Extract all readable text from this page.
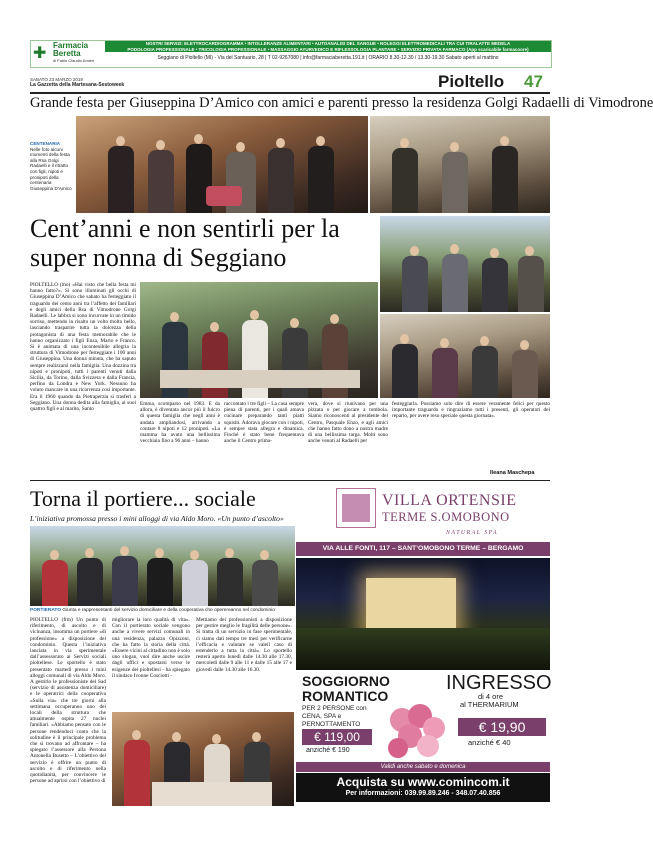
✚ Farmacia
Beretta
di Fabio Claudio Amieri
NOSTRI SERVIZI: ELETTROCARDIOGRAMMA • INTOLLERANZE ALIMENTARI • AUTOANALISI DEL SANGUE • NOLEGGI ELETTROMEDICALI TRA CUI TIRALATTE MEDELA
PODOLOGIA PROFESSIONALE • TRICOLOGIA PROFESSIONALE • MASSAGGIO AYURVEDICO E RIFLESSOLOGIA PLANTARE • SERVIZIO PRIVATA FARMACO (App scaricabile farmacoore)
Seggiano di Pioltello (MI) - Via del Santuario, 28 | T 02-9267080 | info@farmaciaberetta.191.it | ORARIO 8.30-12.30 / 13.30-19.30 Sabato aperti al mattino
SABATO 23 MARZO 2019
La Gazzetta della Martesana-Sestoweek	Pioltello 47
Grande festa per Giuseppina D’Amico con amici e parenti presso la residenza Golgi Radaelli di Vimodrone
CENTENARIA
Nelle foto alcuni momenti della festa alla Rsa Golgi Radaelli e il ritratto con figli, nipoti e pronipoti della centenaria Giuseppina D’Amico
Cent’anni e non sentirli per la super nonna di Seggiano
PIOLTELLO (mo) «Hai visto che bella festa mi hanno fatto?». Si sono illuminati gli occhi di Giuseppina D’Amico che sabato ha festeggiato il traguardo dei cento anni tra l’affetto dei familiari e degli amici della Rsa di Vimodrone Golgi Radaelli. Le labbra si sono incurvate in un timido sorriso, mettendo in risalto un volto molto bello, lasciando trasparire tutta la dolcezza della protagonista di una festa memorabile che le hanno organizzato i figli Enza, Mario e Franco. Si è animata di una incontenibile allegria la struttura di Vimodrone per festeggiare i 100 anni di Giuseppina. Una donna minuta, che ha saputo sempre realizzarsi nella famiglia. Una dozzina tra nipoti e pronipoti, tutti i parenti venuti dalla Sicilia, da Torino, dalla Svizzera e dalla Francia, perfino da Londra e New York. Nessuno ha voluto mancare in una ricorrenza così importante. Era il 1960 quando da Pietraperzia si trasferì a Seggiano. Una donna dedita alla famiglia, ai suoi quattro figli e al marito, Santo
Emma, scomparso nel 1983. E da allora, è diventata ancor più il fulcro di questa famiglia che negli anni è andata ampliandosi, arrivando a contare 8 nipoti e 12 pronipoti. «La mamma ha avuto una bellissima vecchiaia fino a 96 anni – hanno
raccontato i tre figli – La casa sempre piena di parenti, per i quali amava cucinare preparando tanti piatti squisiti. Adorava giocare con i nipoti, è sempre stata allegra e dinamica. Finché è stato bene frequentava anche il Centro prima-
vera, dove si riunivano per una pizzata o per giocare a tombola. Siamo riconoscenti al presidente del Centro, Pasquale Enzo, e agli amici che hanno fatto dono a nostra madre di una bellissima targa. Molti sono anche venuti al Radaelli per
festeggiarla. Possiamo solo dire di essere veramente felici per questo importante traguardo e ringraziamo tutti i presenti, gli operatori del reparto, per avere reso speciale questa giornata».
Ileana Maschepa
Torna il portiere... sociale
L’iniziativa promossa presso i mini alloggi di via Aldo Moro. «Un punto d’ascolto»
PORTIERATO Giunta e rappresentanti del servizio domiciliare e della cooperativa che operereanno nel condominio
PIOLTELLO (frm) Un punto di riferimento, di ascolto e di vicinanza, insomma un portiere «di professione» a disposizione del condominio. Questa l’iniziativa lanciata in via sperimentale dall’assessorato ai Servizi sociali pioltellese. Le sportello è stato presentato martedì presso i mini alloggi comunali di via Aldo Moro. A gestirlo le professioniste del Sad (servizio di assistenza domiciliare) e le operatrici della cooperativa «Sulla via» che tre giorni alla settimana occuperanno uno dei locali della struttura che attualmente ospita 27 nuclei familiari. «Abbiamo pensato con le persone rendendoci conto che la solitudine è il principale problema che si trovano ad affrontare – ha spiegato l’assessore alla Persona Antonella Busetto – L’obiettivo del servizio è offrire un punto di ascolto e di riferimento nella quotidianità, per convincere le persone ad aprirsi con l’obiettivo di
migliorare la loro qualità di vita». Con il portierato sociale vengono anche a vivere servizi comunali in una residenza, palazzo Opizzoni, che ha fatto la storia della città. «Essere vicini al cittadino non è solo uno slogan, vuol dire anche uscire dagli uffici e spostarsi verso le esigenze dei pioltellesi - ha spiegato il sindaco Ivonne Cosciotti -
Mettiamo dei professionisti a disposizione per gestire meglio le fragilità delle persone». Si tratta di un servizio in fase sperimentale, ci siamo dati tempo tre mesi per verificarne l’efficacia e valutare se valeil caso di estenderlo a tutta la città». Lo sportello resterà aperto lunedì dalle 14.30 alle 17.30, mercoledì dalle 9 alle 11 e dalle 15 alle 17 e giovedì dalle 14.30 alle 16.30.
VILLA ORTENSIE
TERME S.OMOBONO
NATURAL SPA
VIA ALLE FONTI, 117 – SANT’OMOBONO TERME – BERGAMO
SOGGIORNO
ROMANTICO
PER 2 PERSONE con CENA, SPA e PERNOTTAMENTO
€ 119,00
anziché € 190
INGRESSO
di 4 ore
al THERMARIUM
€ 19,90
anziché € 40
Validi anche sabato e domenica
Acquista su www.comincom.it
Per informazioni: 039.99.89.246 - 348.07.40.856
